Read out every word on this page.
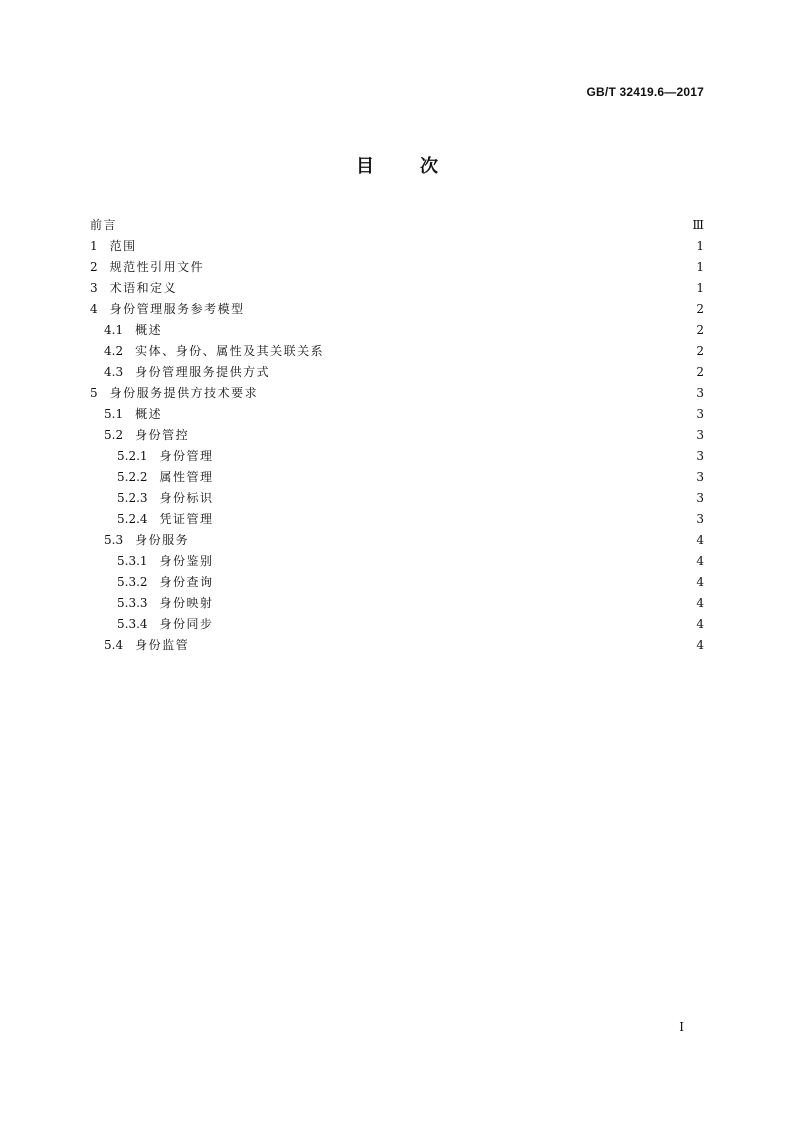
GB/T 32419.6—2017
目次
前言	Ⅲ
1 范围	1
2 规范性引用文件	1
3 术语和定义	1
4 身份管理服务参考模型	2
4.1 概述	2
4.2 实体、身份、属性及其关联关系	2
4.3 身份管理服务提供方式	2
5 身份服务提供方技术要求	3
5.1 概述	3
5.2 身份管控	3
5.2.1 身份管理	3
5.2.2 属性管理	3
5.2.3 身份标识	3
5.2.4 凭证管理	3
5.3 身份服务	4
5.3.1 身份鉴别	4
5.3.2 身份查询	4
5.3.3 身份映射	4
5.3.4 身份同步	4
5.4 身份监管	4
I
